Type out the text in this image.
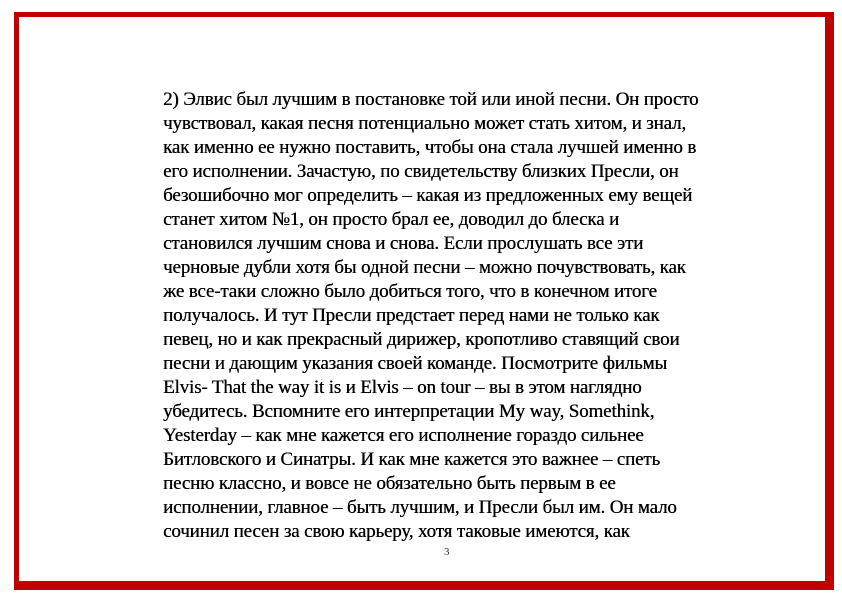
2) Элвис был лучшим в постановке той или иной песни. Он просто
чувствовал, какая песня потенциально может стать хитом, и знал,
как именно ее нужно поставить, чтобы она стала лучшей именно в
его исполнении. Зачастую, по свидетельству близких Пресли, он
безошибочно мог определить – какая из предложенных ему вещей
станет хитом №1, он просто брал ее, доводил до блеска и
становился лучшим снова и снова. Если прослушать все эти
черновые дубли хотя бы одной песни – можно почувствовать, как
же все-таки сложно было добиться того, что в конечном итоге
получалось. И тут Пресли предстает перед нами не только как
певец, но и как прекрасный дирижер, кропотливо ставящий свои
песни и дающим указания своей команде. Посмотрите фильмы
Elvis- That the way it is и Elvis – on tour – вы в этом наглядно
убедитесь. Вспомните его интерпретации My way, Somethink,
Yesterday – как мне кажется его исполнение гораздо сильнее
Битловского и Синатры. И как мне кажется это важнее – спеть
песню классно, и вовсе не обязательно быть первым в ее
исполнении, главное – быть лучшим, и Пресли был им. Он мало
сочинил песен за свою карьеру, хотя таковые имеются, как
3
